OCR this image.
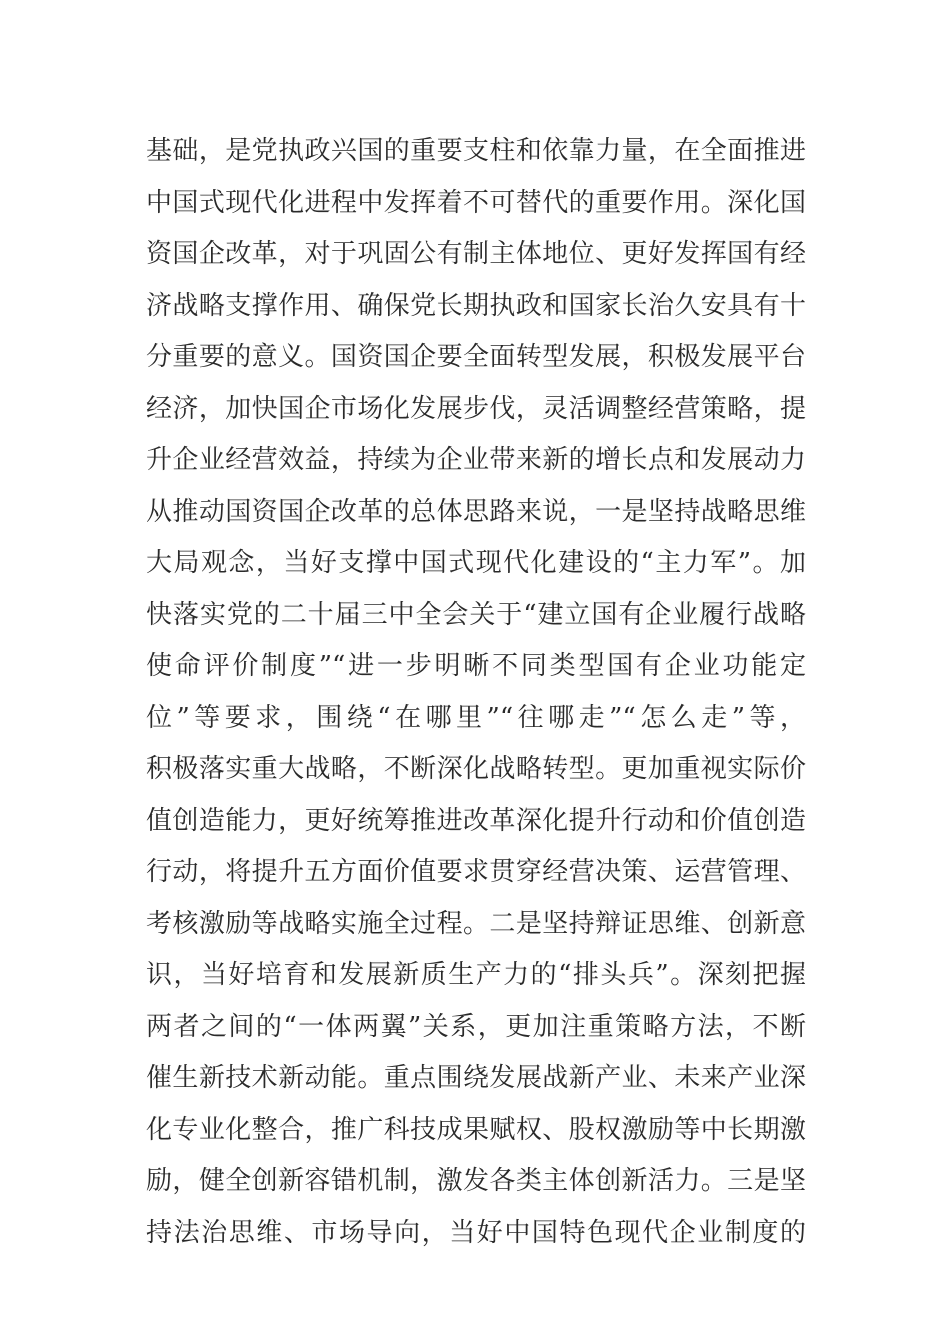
基础，是党执政兴国的重要支柱和依靠力量，在全面推进
中国式现代化进程中发挥着不可替代的重要作用。深化国
资国企改革，对于巩固公有制主体地位、更好发挥国有经
济战略支撑作用、确保党长期执政和国家长治久安具有十
分重要的意义。国资国企要全面转型发展，积极发展平台
经济，加快国企市场化发展步伐，灵活调整经营策略，提
升企业经营效益，持续为企业带来新的增长点和发展动力
从推动国资国企改革的总体思路来说，一是坚持战略思维
大局观念，当好支撑中国式现代化建设的“主力军”。加
快落实党的二十届三中全会关于“建立国有企业履行战略
使命评价制度”“进一步明晰不同类型国有企业功能定
位”等要求，围绕“在哪里”“往哪走”“怎么走”等，
积极落实重大战略，不断深化战略转型。更加重视实际价
值创造能力，更好统筹推进改革深化提升行动和价值创造
行动，将提升五方面价值要求贯穿经营决策、运营管理、
考核激励等战略实施全过程。二是坚持辩证思维、创新意
识，当好培育和发展新质生产力的“排头兵”。深刻把握
两者之间的“一体两翼”关系，更加注重策略方法，不断
催生新技术新动能。重点围绕发展战新产业、未来产业深
化专业化整合，推广科技成果赋权、股权激励等中长期激
励，健全创新容错机制，激发各类主体创新活力。三是坚
持法治思维、市场导向，当好中国特色现代企业制度的
